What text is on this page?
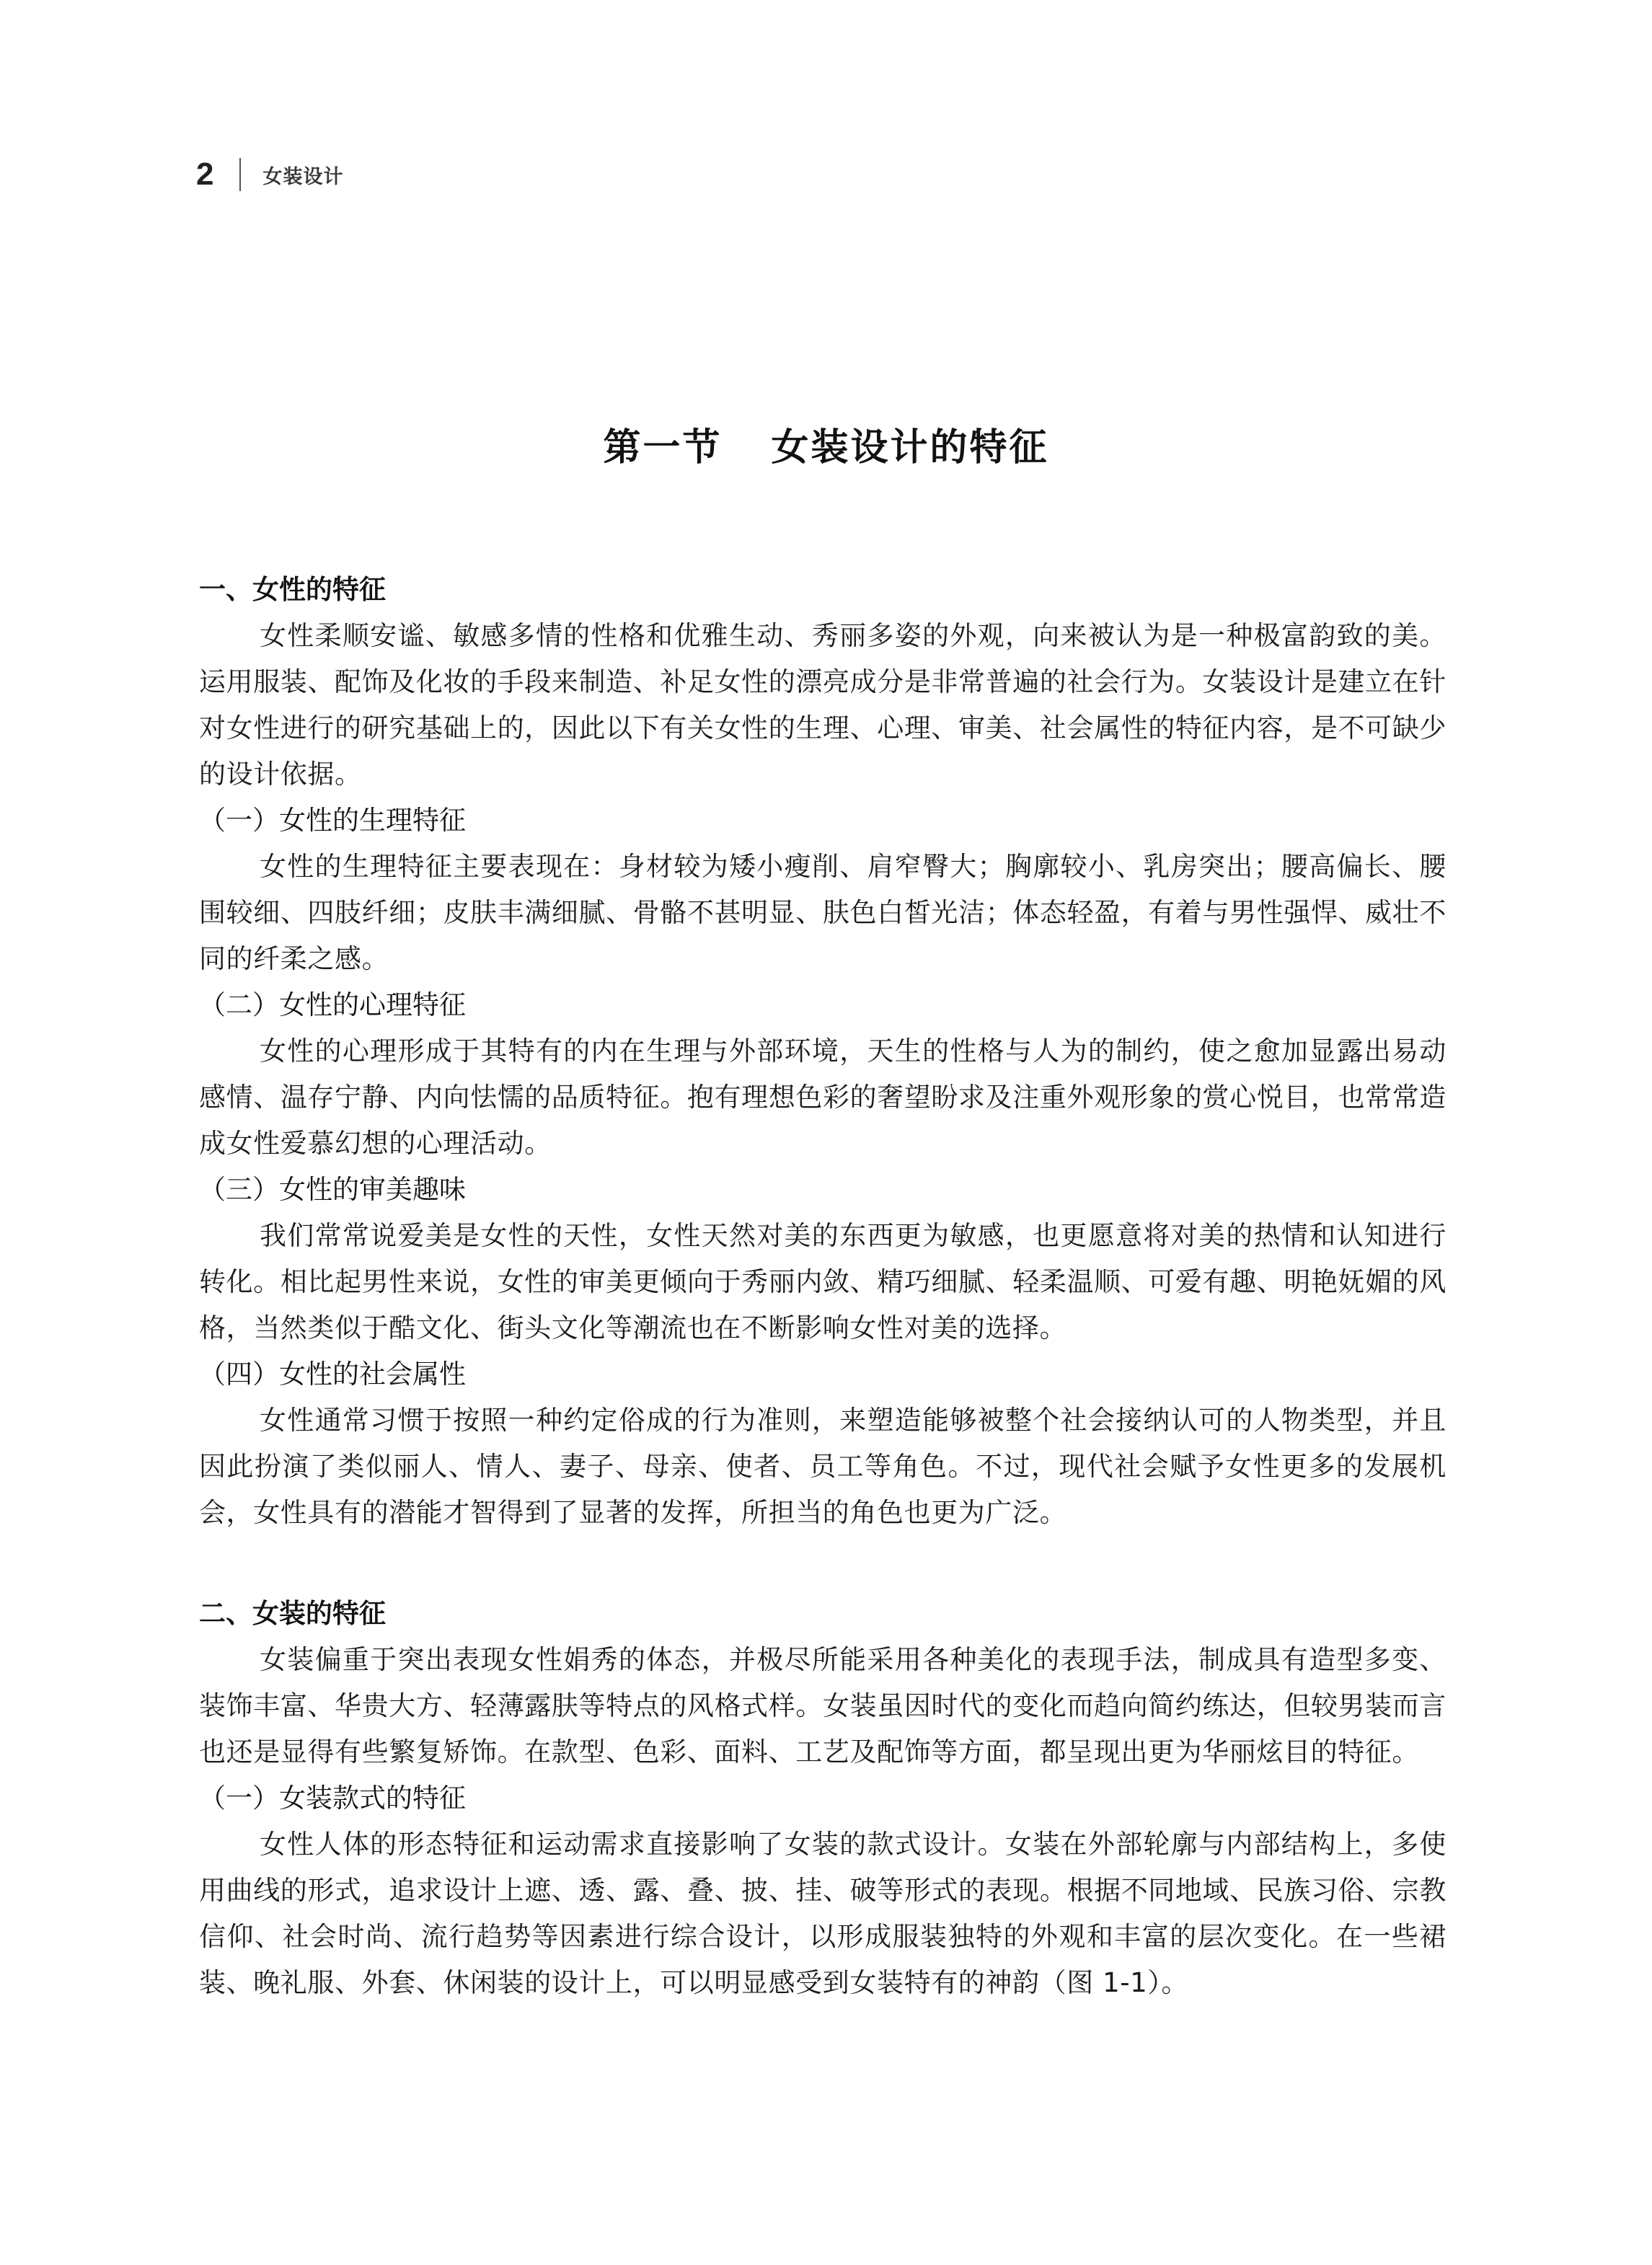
2	女装设计
第一节 女装设计的特征
一、女性的特征

女性柔顺安谧、敏感多情的性格和优雅生动、秀丽多姿的外观，向来被认为是一种极富韵致的美。运用服装、配饰及化妆的手段来制造、补足女性的漂亮成分是非常普遍的社会行为。女装设计是建立在针对女性进行的研究基础上的，因此以下有关女性的生理、心理、审美、社会属性的特征内容，是不可缺少的设计依据。

（一）女性的生理特征

女性的生理特征主要表现在：身材较为矮小瘦削、肩窄臀大；胸廓较小、乳房突出；腰高偏长、腰围较细、四肢纤细；皮肤丰满细腻、骨骼不甚明显、肤色白皙光洁；体态轻盈，有着与男性强悍、威壮不同的纤柔之感。

（二）女性的心理特征

女性的心理形成于其特有的内在生理与外部环境，天生的性格与人为的制约，使之愈加显露出易动感情、温存宁静、内向怯懦的品质特征。抱有理想色彩的奢望盼求及注重外观形象的赏心悦目，也常常造成女性爱慕幻想的心理活动。

（三）女性的审美趣味

我们常常说爱美是女性的天性，女性天然对美的东西更为敏感，也更愿意将对美的热情和认知进行转化。相比起男性来说，女性的审美更倾向于秀丽内敛、精巧细腻、轻柔温顺、可爱有趣、明艳妩媚的风格，当然类似于酷文化、街头文化等潮流也在不断影响女性对美的选择。

（四）女性的社会属性

女性通常习惯于按照一种约定俗成的行为准则，来塑造能够被整个社会接纳认可的人物类型，并且因此扮演了类似丽人、情人、妻子、母亲、使者、员工等角色。不过，现代社会赋予女性更多的发展机会，女性具有的潜能才智得到了显著的发挥，所担当的角色也更为广泛。

二、女装的特征

女装偏重于突出表现女性娟秀的体态，并极尽所能采用各种美化的表现手法，制成具有造型多变、装饰丰富、华贵大方、轻薄露肤等特点的风格式样。女装虽因时代的变化而趋向简约练达，但较男装而言也还是显得有些繁复矫饰。在款型、色彩、面料、工艺及配饰等方面，都呈现出更为华丽炫目的特征。

（一）女装款式的特征

女性人体的形态特征和运动需求直接影响了女装的款式设计。女装在外部轮廓与内部结构上，多使用曲线的形式，追求设计上遮、透、露、叠、披、挂、破等形式的表现。根据不同地域、民族习俗、宗教信仰、社会时尚、流行趋势等因素进行综合设计，以形成服装独特的外观和丰富的层次变化。在一些裙装、晚礼服、外套、休闲装的设计上，可以明显感受到女装特有的神韵（图 1-1）。
